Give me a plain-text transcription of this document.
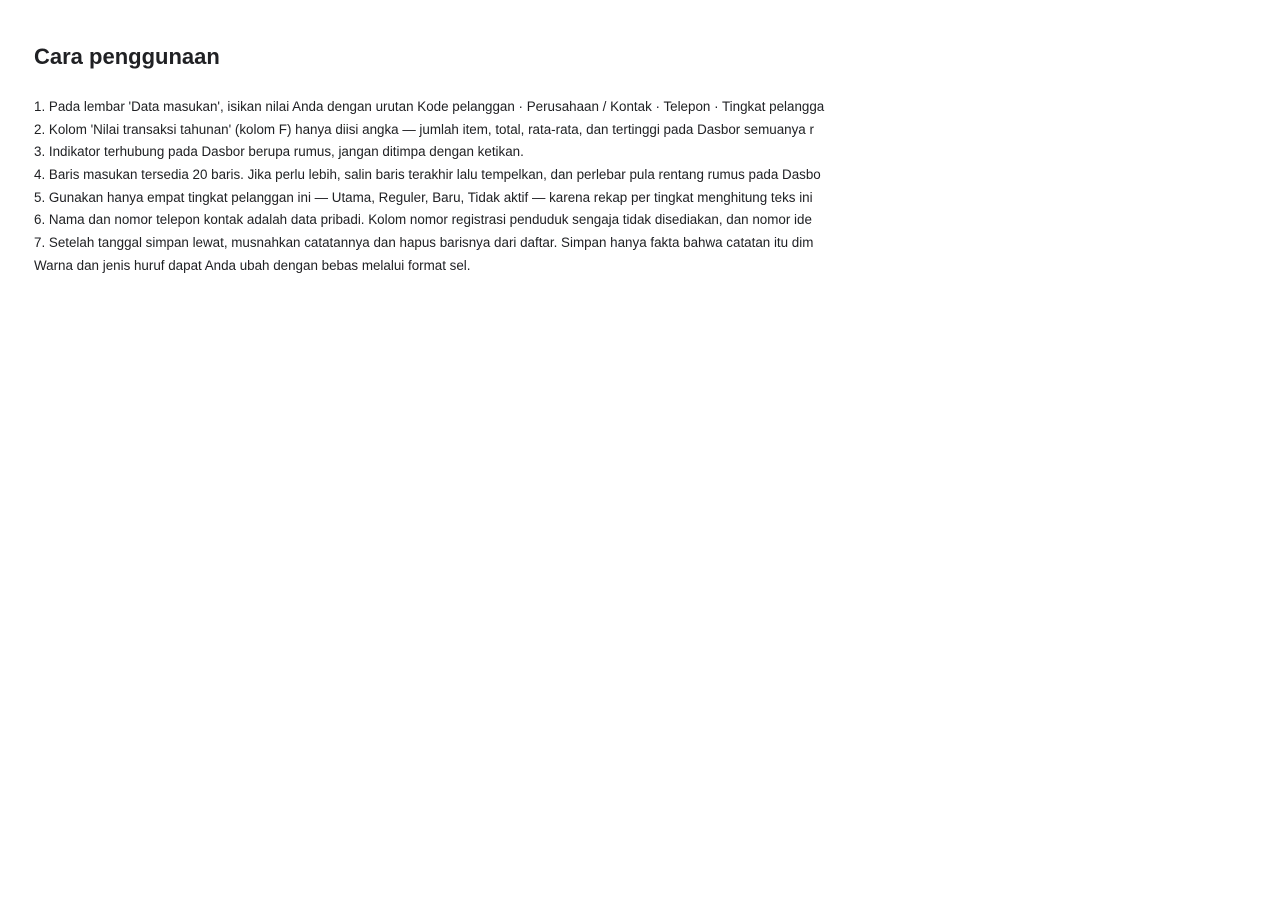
Cara penggunaan
1. Pada lembar 'Data masukan', isikan nilai Anda dengan urutan Kode pelanggan · Perusahaan / Kontak · Telepon · Tingkat pelangga
2. Kolom 'Nilai transaksi tahunan' (kolom F) hanya diisi angka — jumlah item, total, rata-rata, dan tertinggi pada Dasbor semuanya r
3. Indikator terhubung pada Dasbor berupa rumus, jangan ditimpa dengan ketikan.
4. Baris masukan tersedia 20 baris. Jika perlu lebih, salin baris terakhir lalu tempelkan, dan perlebar pula rentang rumus pada Dasbo
5. Gunakan hanya empat tingkat pelanggan ini — Utama, Reguler, Baru, Tidak aktif — karena rekap per tingkat menghitung teks ini
6. Nama dan nomor telepon kontak adalah data pribadi. Kolom nomor registrasi penduduk sengaja tidak disediakan, dan nomor ide
7. Setelah tanggal simpan lewat, musnahkan catatannya dan hapus barisnya dari daftar. Simpan hanya fakta bahwa catatan itu dim
Warna dan jenis huruf dapat Anda ubah dengan bebas melalui format sel.
